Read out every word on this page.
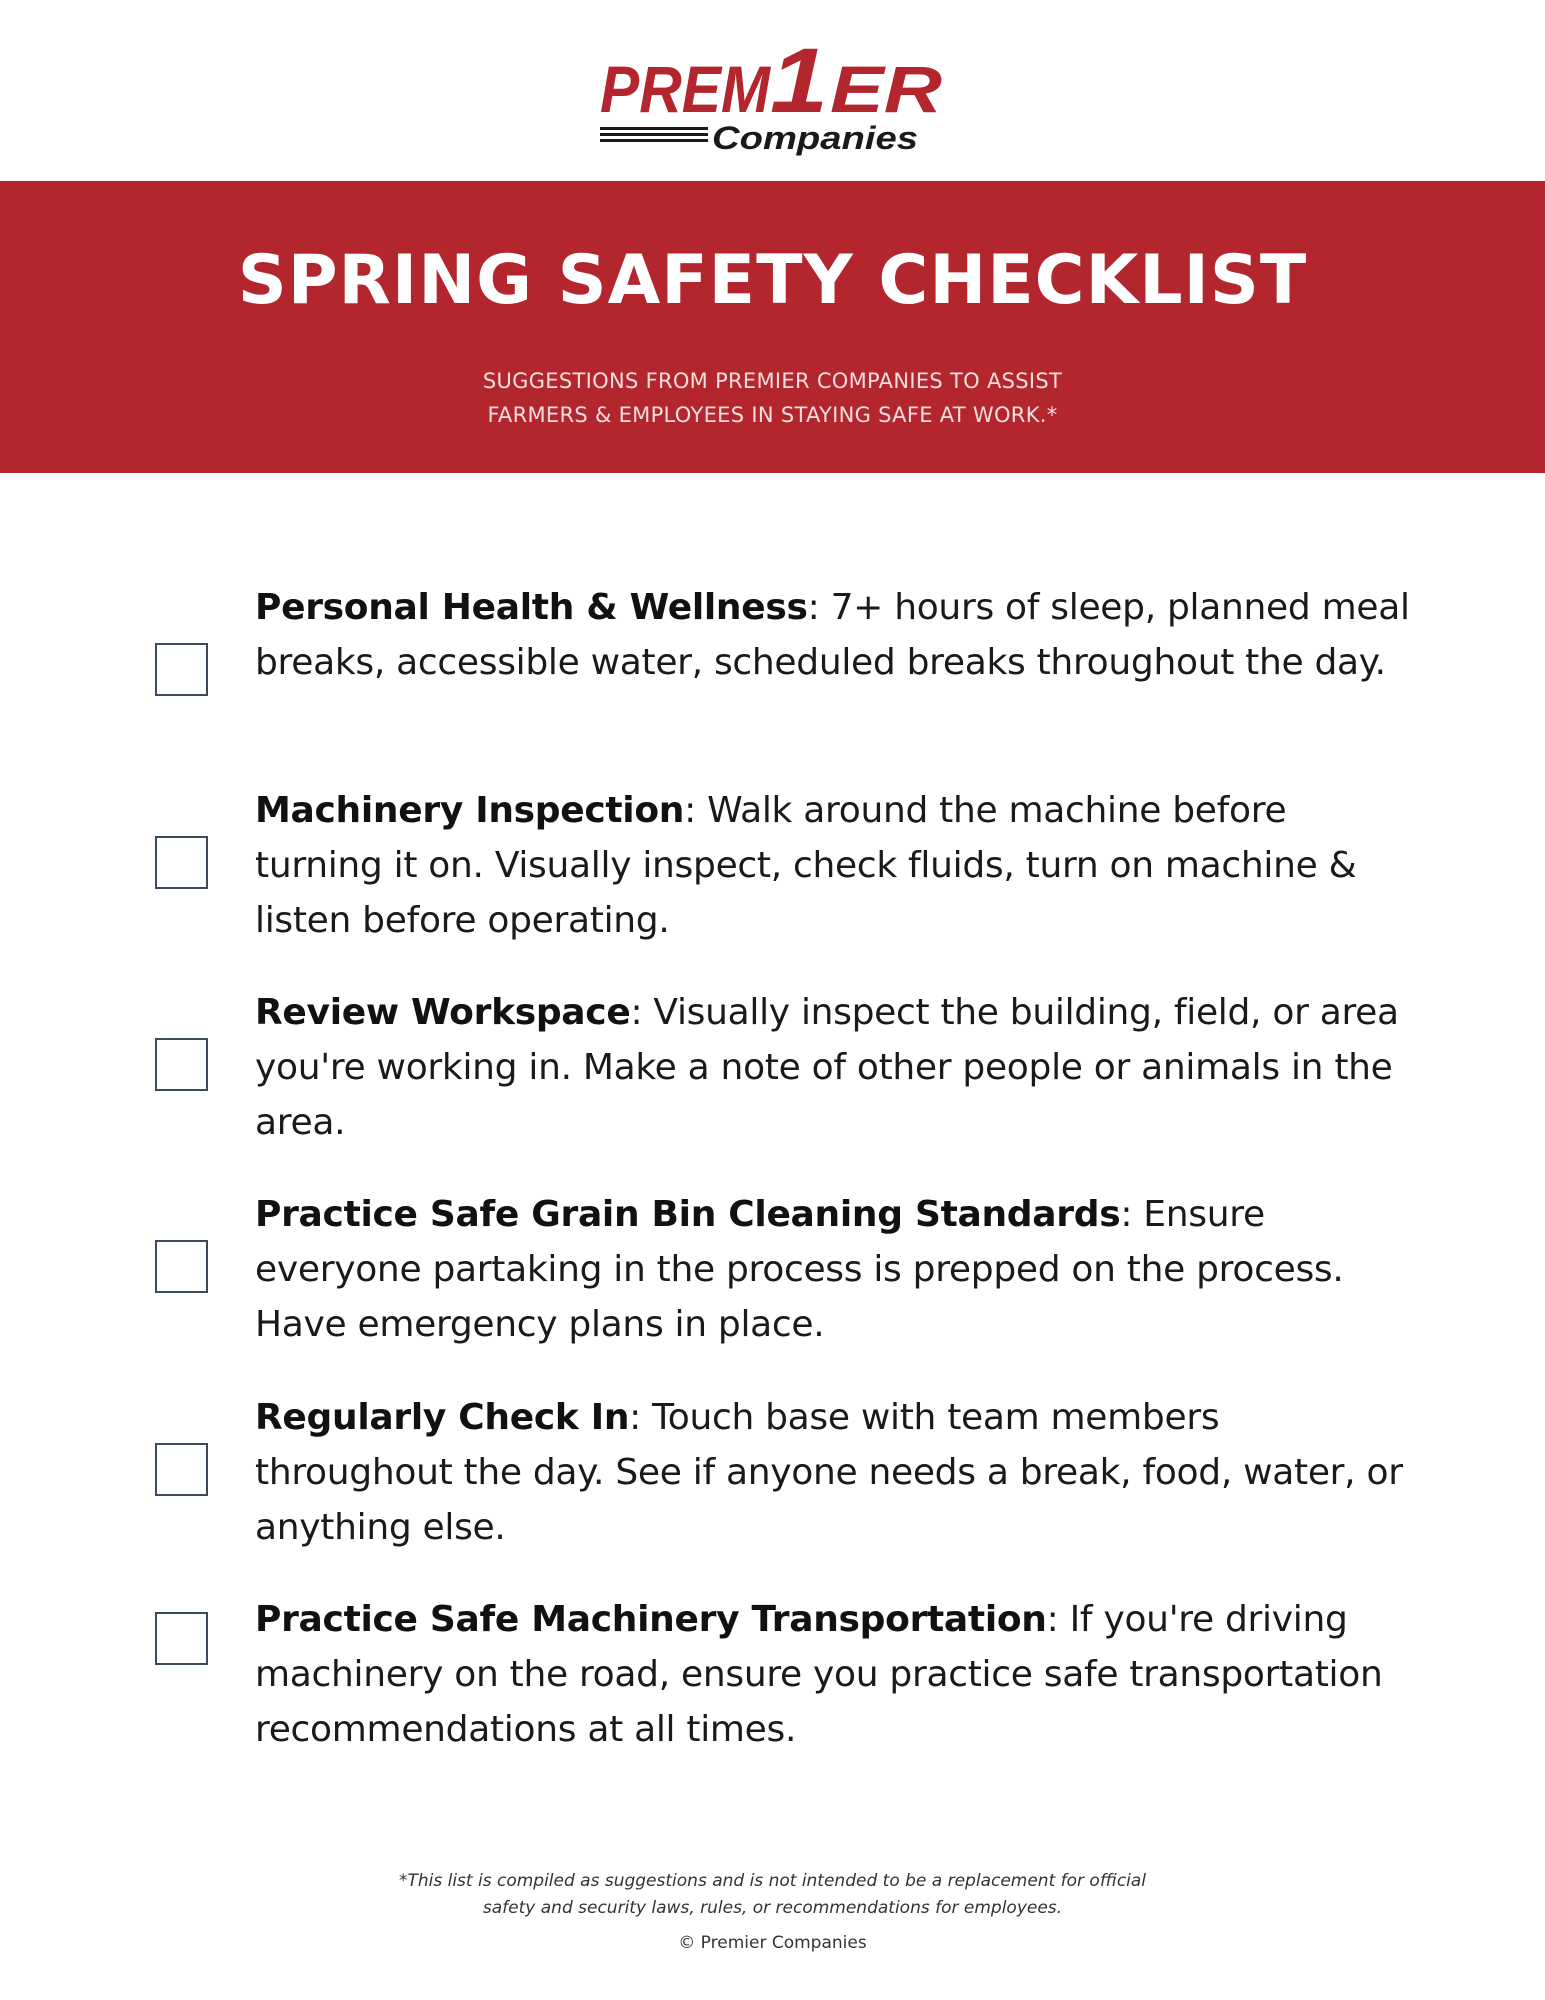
PREM
1 ER
Companies
SPRING SAFETY CHECKLIST

SUGGESTIONS FROM PREMIER COMPANIES TO ASSIST
FARMERS & EMPLOYEES IN STAYING SAFE AT WORK.*

Personal Health & Wellness: 7+ hours of sleep, planned meal breaks, accessible water, scheduled breaks throughout the day.
Machinery Inspection: Walk around the machine before turning it on. Visually inspect, check fluids, turn on machine & listen before operating.
Review Workspace: Visually inspect the building, field, or area you're working in. Make a note of other people or animals in the area.
Practice Safe Grain Bin Cleaning Standards: Ensure everyone partaking in the process is prepped on the process. Have emergency plans in place.
Regularly Check In: Touch base with team members throughout the day. See if anyone needs a break, food, water, or anything else.
Practice Safe Machinery Transportation: If you're driving machinery on the road, ensure you practice safe transportation recommendations at all times.
*This list is compiled as suggestions and is not intended to be a replacement for official
safety and security laws, rules, or recommendations for employees.
© Premier Companies
